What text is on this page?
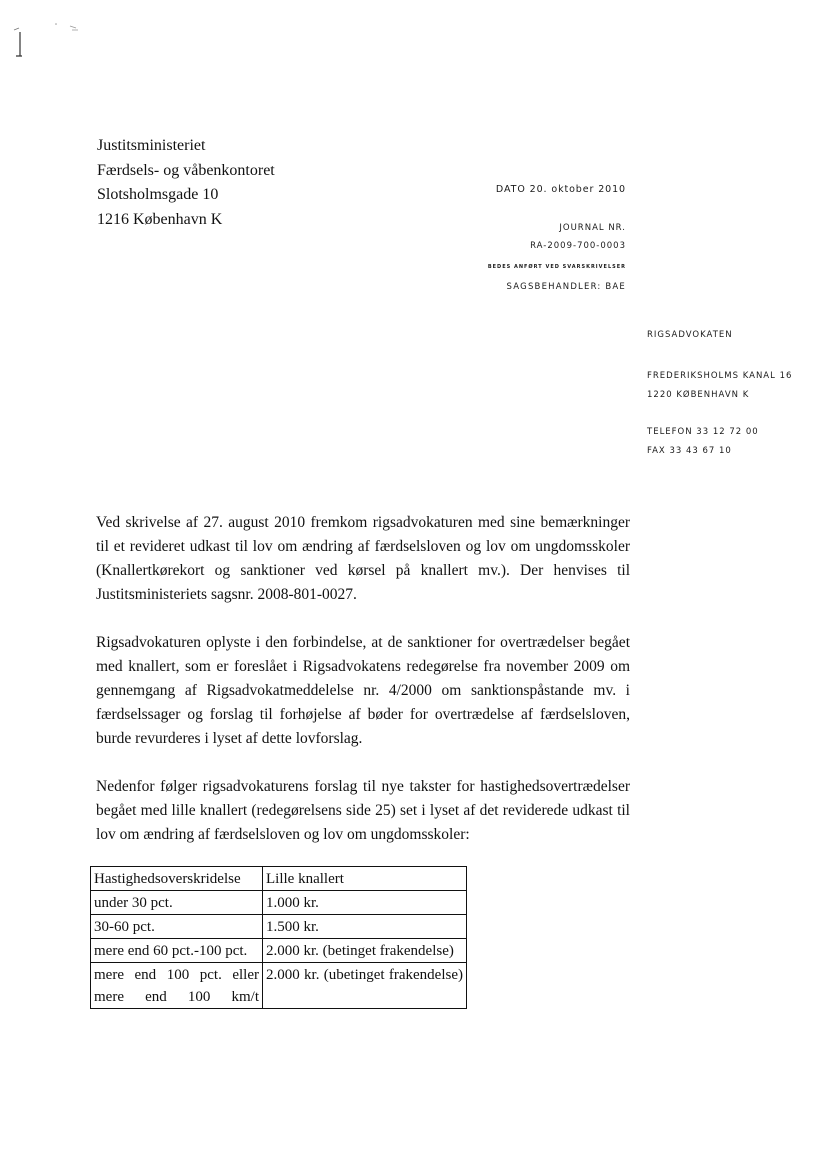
Justitsministeriet
Færdsels- og våbenkontoret
Slotsholmsgade 10
1216 København K
DATO 20. oktober 2010
JOURNAL NR.
RA-2009-700-0003
BEDES ANFØRT VED SVARSKRIVELSER
SAGSBEHANDLER: BAE
RIGSADVOKATEN
FREDERIKSHOLMS KANAL 16
1220 KØBENHAVN K
TELEFON 33 12 72 00
FAX 33 43 67 10

Ved skrivelse af 27. august 2010 fremkom rigsadvokaturen med sine bemærkninger til et revideret udkast til lov om ændring af færdselsloven og lov om ungdomsskoler (Knallertkørekort og sanktioner ved kørsel på knallert mv.). Der henvises til Justitsministeriets sagsnr. 2008-801-0027.

Rigsadvokaturen oplyste i den forbindelse, at de sanktioner for overtrædelser begået med knallert, som er foreslået i Rigsadvokatens redegørelse fra november 2009 om gennemgang af Rigsadvokatmeddelelse nr. 4/2000 om sanktionspåstande mv. i færdselssager og forslag til forhøjelse af bøder for overtrædelse af færdselsloven, burde revurderes i lyset af dette lovforslag.

Nedenfor følger rigsadvokaturens forslag til nye takster for hastighedsovertrædelser begået med lille knallert (redegørelsens side 25) set i lyset af det reviderede udkast til lov om ændring af færdselsloven og lov om ungdomsskoler:

Hastighedsoverskridelse	Lille knallert
under 30 pct.	1.000 kr.
30-60 pct.	1.500 kr.
mere end 60 pct.-100 pct.	2.000 kr. (betinget frakendelse)
mere end 100 pct. eller mere end 100 km/t	2.000 kr. (ubetinget frakendelse)
